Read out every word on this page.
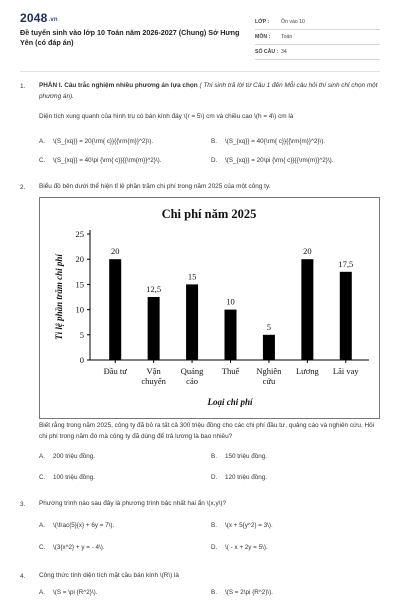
2048.vn
Đề tuyển sinh vào lớp 10 Toán năm 2026-2027 (Chung) Sở Hưng Yên (có đáp án)
LỚP :	Ôn vào 10
MÔN :	Toán
SỐ CÂU : 34
1. PHẦN I. Câu trắc nghiệm nhiều phương án lựa chọn ( Thí sinh trả lời từ Câu 1 đến Mỗi câu hỏi thí sinh chỉ chọn một phương án).
Diện tích xung quanh của hình trụ có bán kính đáy \(r = 5\) cm và chiều cao \(h = 4\) cm là
A. \(S_{xq}} = 20{\rm{ c}}{{\rm{m}}^2}\).	B. \(S_{xq}} = 40{\rm{ c}}{{\rm{m}}^2}\).
C. \(S_{xq}} = 40\pi {\rm{ c}}{{\rm{m}}^2}\).	D. \(S_{xq}} = 20\pi {\rm{ c}}{{\rm{m}}^2}\).
2. Biểu đồ bên dưới thể hiện tỉ lệ phần trăm chi phí trong năm 2025 của một công ty.
Chi phí năm 2025
0
5
10
15
20
25
Tỉ lệ phần trăm chi phí
20
Đầu tư
12,5
Vận
chuyển
15
Quảng
cáo
10
Thuế
5
Nghiên
cứu
20
Lương
17,5
Lãi vay
Loại chi phí
Biết rằng trong năm 2025, công ty đã bỏ ra tất cả 300 triệu đồng cho các chi phí đầu tư, quảng cáo và nghiên cứu. Hỏi chi phí trong năm đó mà công ty đã dùng để trả lương là bao nhiêu?
A. 200 triệu đồng.	B. 150 triệu đồng.
C. 100 triệu đồng.	D. 120 triệu đồng.
3. Phương trình nào sau đây là phương trình bậc nhất hai ẩn \(x,y\)?
A. \(\frac{5}{x} + 6y = 7\).	B. \(x + 5{y^2} = 3\).
C. \(3{x^2} + y = - 4\).	D. \( - x + 2y = 5\).
4. Công thức tính diện tích mặt cầu bán kính \(R\) là
A. \(S = \pi {R^2}\).	B. \(S = 2\pi {R^2}\).
